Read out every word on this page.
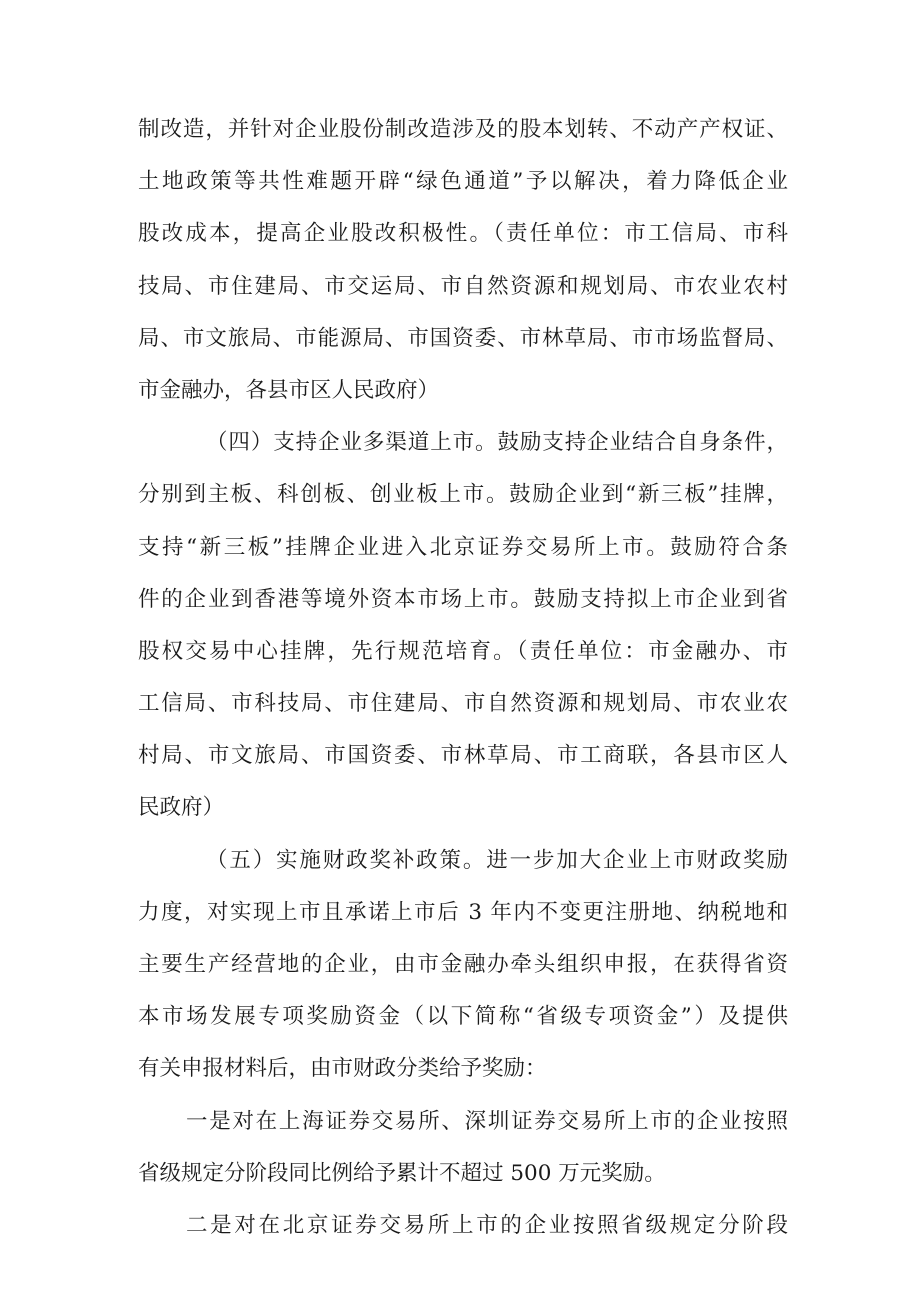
制改造，并针对企业股份制改造涉及的股本划转、不动产产权证、
土地政策等共性难题开辟“绿色通道”予以解决，着力降低企业
股改成本，提高企业股改积极性。（责任单位：市工信局、市科
技局、市住建局、市交运局、市自然资源和规划局、市农业农村
局、市文旅局、市能源局、市国资委、市林草局、市市场监督局、
市金融办，各县市区人民政府）
（四）支持企业多渠道上市。鼓励支持企业结合自身条件，
分别到主板、科创板、创业板上市。鼓励企业到“新三板”挂牌，
支持“新三板”挂牌企业进入北京证券交易所上市。鼓励符合条
件的企业到香港等境外资本市场上市。鼓励支持拟上市企业到省
股权交易中心挂牌，先行规范培育。（责任单位：市金融办、市
工信局、市科技局、市住建局、市自然资源和规划局、市农业农
村局、市文旅局、市国资委、市林草局、市工商联，各县市区人
民政府）
（五）实施财政奖补政策。进一步加大企业上市财政奖励
力度，对实现上市且承诺上市后 3 年内不变更注册地、纳税地和
主要生产经营地的企业，由市金融办牵头组织申报，在获得省资
本市场发展专项奖励资金（以下简称“省级专项资金”）及提供
有关申报材料后，由市财政分类给予奖励：
一是对在上海证券交易所、深圳证券交易所上市的企业按照
省级规定分阶段同比例给予累计不超过 500 万元奖励。
二是对在北京证券交易所上市的企业按照省级规定分阶段
